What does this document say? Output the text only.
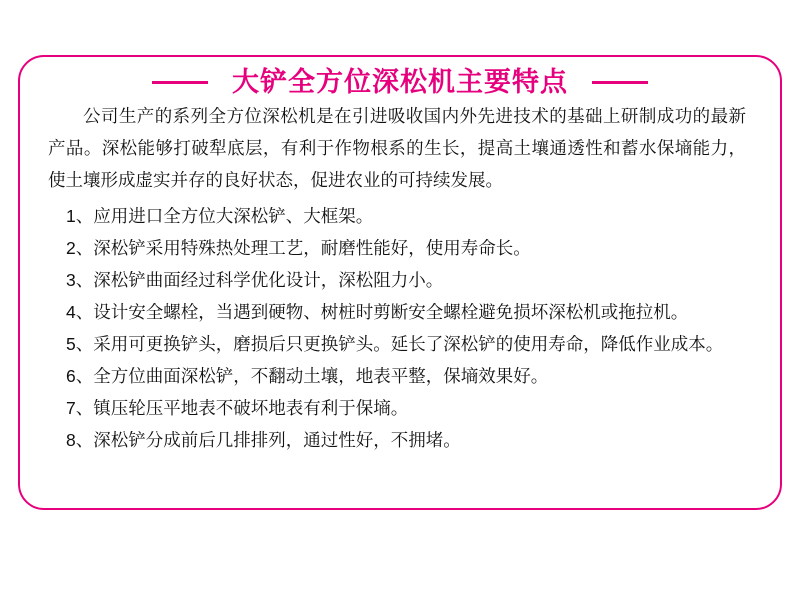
大铲全方位深松机主要特点

公司生产的系列全方位深松机是在引进吸收国内外先进技术的基础上研制成功的最新产品。深松能够打破犁底层，有利于作物根系的生长，提高土壤通透性和蓄水保墒能力，使土壤形成虚实并存的良好状态，促进农业的可持续发展。

1、应用进口全方位大深松铲、大框架。
2、深松铲采用特殊热处理工艺，耐磨性能好，使用寿命长。
3、深松铲曲面经过科学优化设计，深松阻力小。
4、设计安全螺栓，当遇到硬物、树桩时剪断安全螺栓避免损坏深松机或拖拉机。
5、采用可更换铲头，磨损后只更换铲头。延长了深松铲的使用寿命，降低作业成本。
6、全方位曲面深松铲，不翻动土壤，地表平整，保墒效果好。
7、镇压轮压平地表不破坏地表有利于保墒。
8、深松铲分成前后几排排列，通过性好，不拥堵。
